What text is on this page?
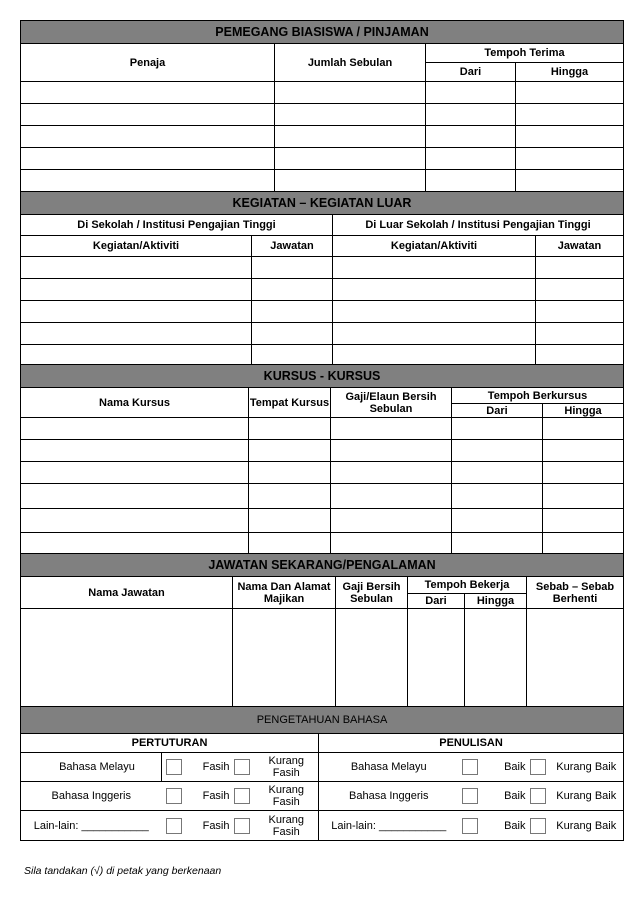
PEMEGANG BIASISWA / PINJAMAN			
Penaja	Jumlah Sebulan	Tempoh Terima	
		Dari	Hingga

KEGIATAN – KEGIATAN LUAR			
Di Sekolah / Institusi Pengajian Tinggi		Di Luar Sekolah / Institusi Pengajian Tinggi	
Kegiatan/Aktiviti	Jawatan	Kegiatan/Aktiviti	Jawatan

KURSUS - KURSUS				
Nama Kursus	Tempat Kursus	Gaji/Elaun Bersih Sebulan	Tempoh Berkursus	
			Dari	Hingga

JAWATAN SEKARANG/PENGALAMAN					
Nama Jawatan	Nama Dan Alamat Majikan	Gaji Bersih Sebulan	Tempoh Bekerja		Sebab – Sebab Berhenti
			Dari	Hingga	

PENGETAHUAN BAHASA									
PERTUTURAN					PENULISAN				
Bahasa Melayu		Fasih		Kurang Fasih	Bahasa Melayu		Baik		Kurang Baik
Bahasa Inggeris		Fasih		Kurang Fasih	Bahasa Inggeris		Baik		Kurang Baik
Lain-lain: ___________		Fasih		Kurang Fasih	Lain-lain: ___________		Baik		Kurang Baik
Sila tandakan (√) di petak yang berkenaan
